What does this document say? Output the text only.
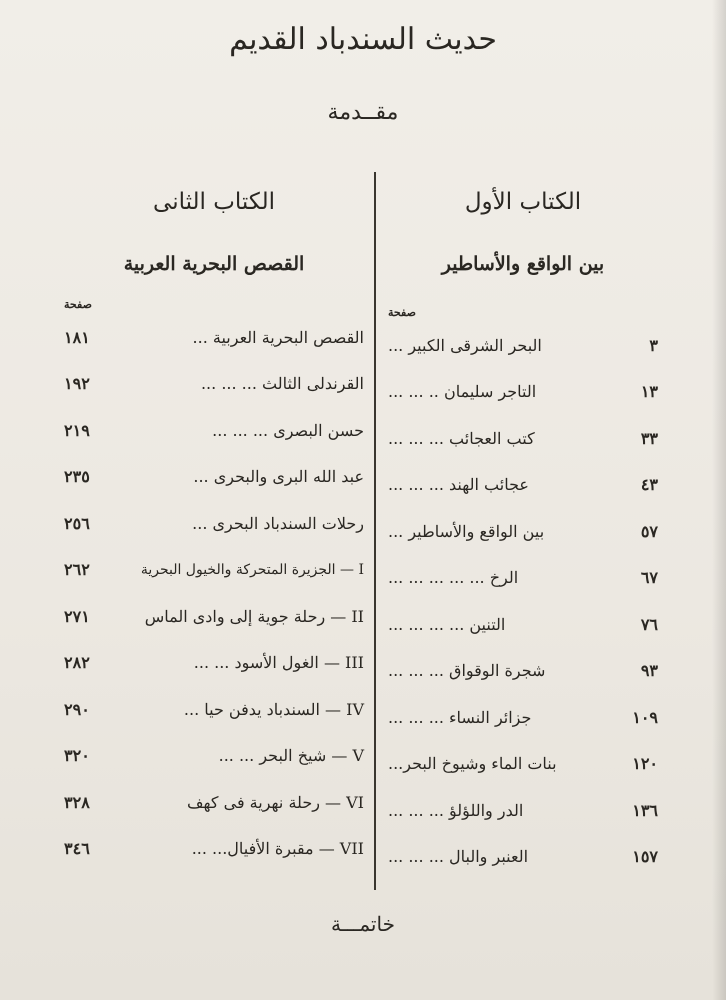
حديث السندباد القديم
مقــدمة
الكتاب الأول
بين الواقع والأساطير
صفحة
٣
البحر الشرقى الكبير ...
١٣
التاجر سليمان .. ... ...
٣٣
كتب العجائب ... ... ...
٤٣
عجائب الهند ... ... ...
٥٧
بين الواقع والأساطير ...
٦٧
الرخ ... ... ... ... ...
٧٦
التنين ... ... ... ...
٩٣
شجرة الوقواق ... ... ...
١٠٩
جزائر النساء ... ... ...
١٢٠
بنات الماء وشيوخ البحر...
١٣٦
الدر واللؤلؤ ... ... ...
١٥٧
العنبر والبال ... ... ...
الكتاب الثانى
القصص البحرية العربية
صفحة
القصص البحرية العربية ...
١٨١
القرندلى الثالث ... ... ...
١٩٢
حسن البصرى ... ... ...
٢١٩
عبد الله البرى والبحرى ...
٢٣٥
رحلات السندباد البحرى ...
٢٥٦
I — الجزيرة المتحركة والخيول البحرية
٢٦٢
II — رحلة جوية إلى وادى الماس
٢٧١
III — الغول الأسود ... ...
٢٨٢
IV — السندباد يدفن حيا ...
٢٩٠
V — شيخ البحر ... ...
٣٢٠
VI — رحلة نهرية فى كهف
٣٢٨
VII — مقبرة الأفيال... ...
٣٤٦
خاتمـــة
